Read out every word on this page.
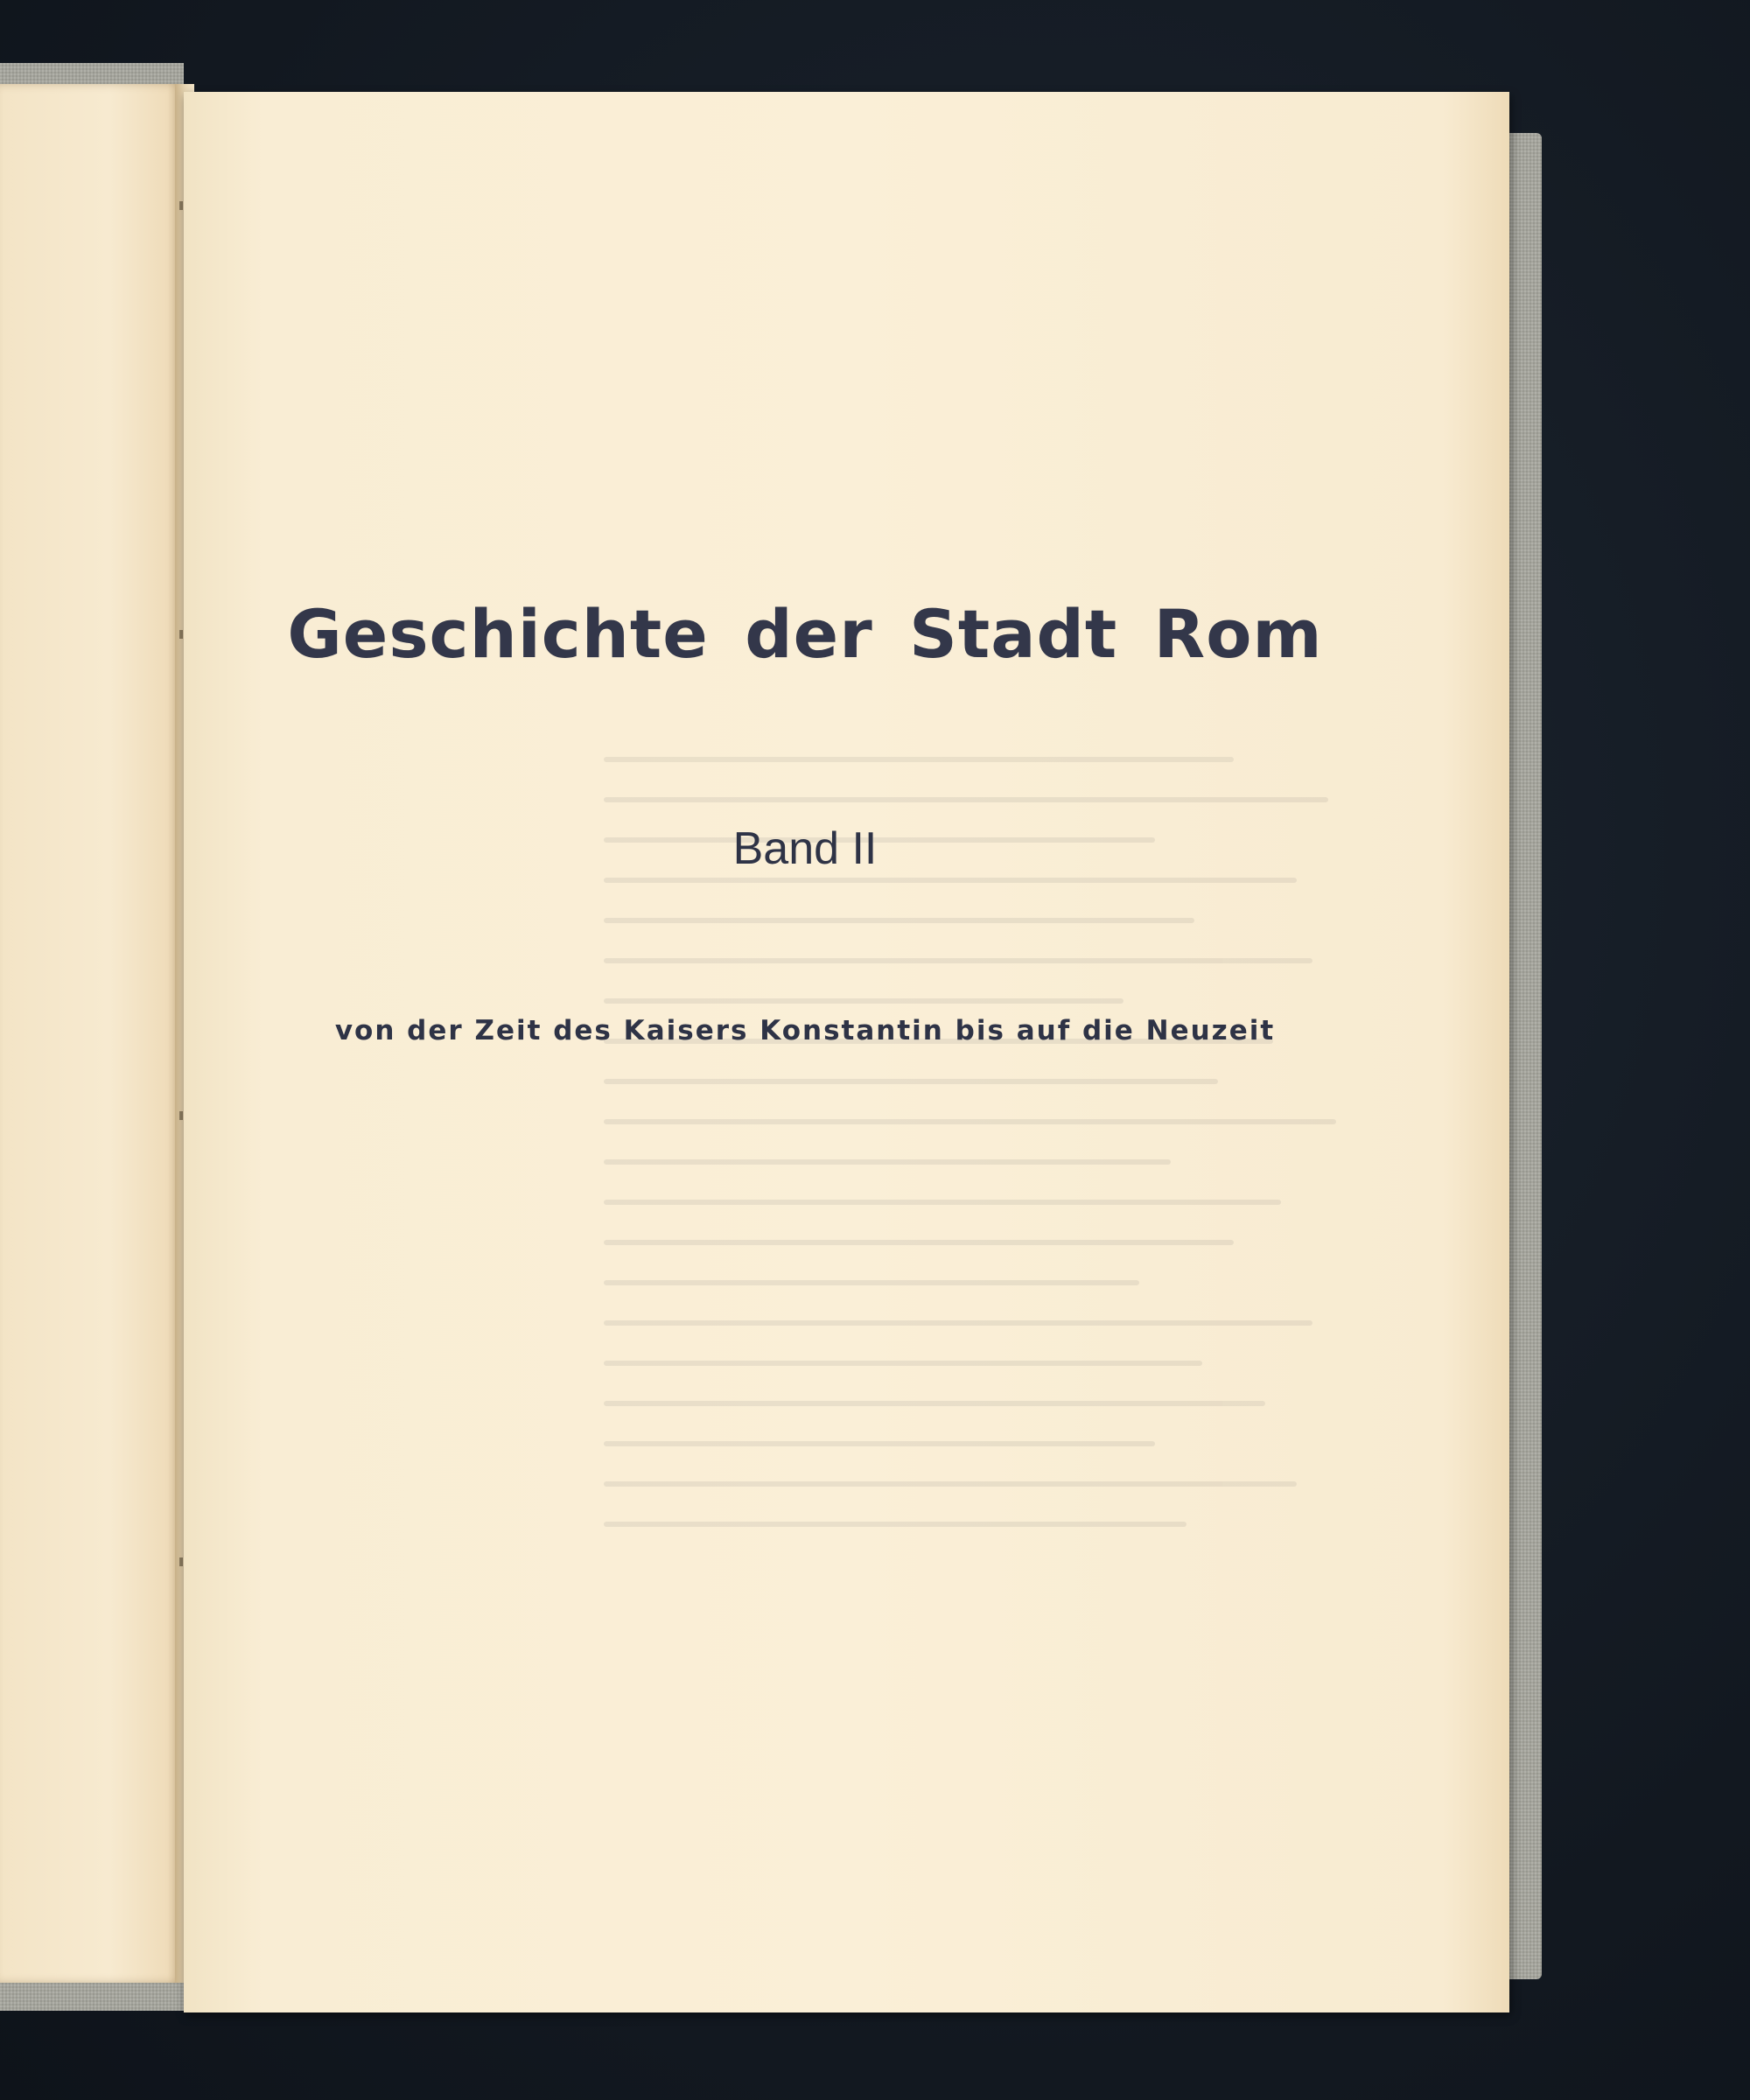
Geschichte der Stadt Rom
Band II
von der Zeit des Kaisers Konstantin bis auf die Neuzeit
